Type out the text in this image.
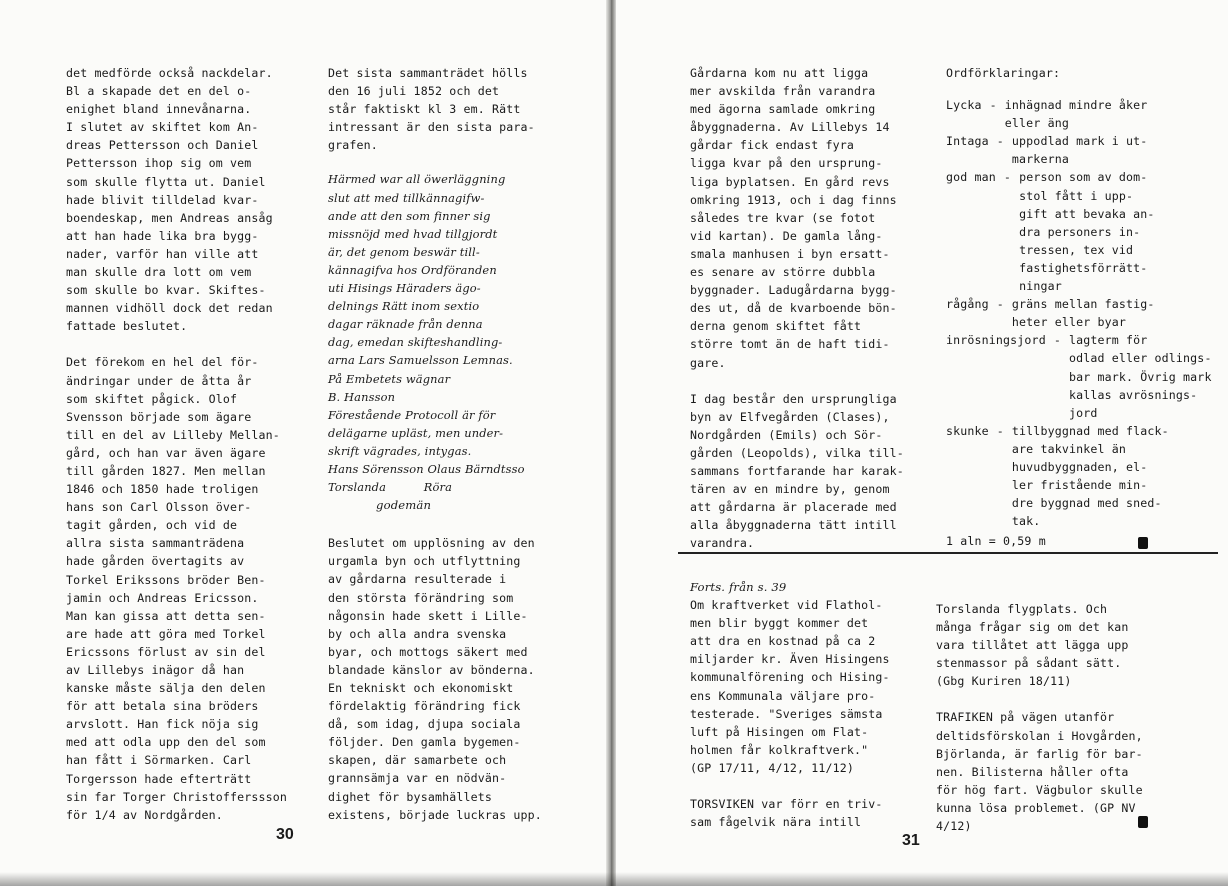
det medförde också nackdelar.
Bl a skapade det en del o-
enighet bland innevånarna.
I slutet av skiftet kom An-
dreas Pettersson och Daniel
Pettersson ihop sig om vem
som skulle flytta ut. Daniel
hade blivit tilldelad kvar-
boendeskap, men Andreas ansåg
att han hade lika bra bygg-
nader, varför han ville att
man skulle dra lott om vem
som skulle bo kvar. Skiftes-
mannen vidhöll dock det redan
fattade beslutet.
Det förekom en hel del för-
ändringar under de åtta år
som skiftet pågick. Olof
Svensson började som ägare
till en del av Lilleby Mellan-
gård, och han var även ägare
till gården 1827. Men mellan
1846 och 1850 hade troligen
hans son Carl Olsson över-
tagit gården, och vid de
allra sista sammanträdena
hade gården övertagits av
Torkel Erikssons bröder Ben-
jamin och Andreas Ericsson.
Man kan gissa att detta sen-
are hade att göra med Torkel
Ericssons förlust av sin del
av Lillebys inägor då han
kanske måste sälja den delen
för att betala sina bröders
arvslott. Han fick nöja sig
med att odla upp den del som
han fått i Sörmarken. Carl
Torgersson hade efterträtt
sin far Torger Christofferssson
för 1/4 av Nordgården.
Det sista sammanträdet hölls
den 16 juli 1852 och det
står faktiskt kl 3 em. Rätt
intressant är den sista para-
grafen.
Härmed war all öwerläggning
slut att med tillkännagifw-
ande att den som finner sig
missnöjd med hvad tillgjordt
är, det genom beswär till-
kännagifva hos Ordföranden
uti Hisings Häraders ägo-
delnings Rätt inom sextio
dagar räknade från denna
dag, emedan skifteshandling-
arna Lars Samuelsson Lemnas.
På Embetets wägnar
B. Hansson
Förestående Protocoll är för
delägarne upläst, men under-
skrift vägrades, intygas.
Hans Sörensson Olaus Bärndtsso
Torslanda          Röra
godemän
Beslutet om upplösning av den
urgamla byn och utflyttning
av gårdarna resulterade i
den största förändring som
någonsin hade skett i Lille-
by och alla andra svenska
byar, och mottogs säkert med
blandade känslor av bönderna.
En tekniskt och ekonomiskt
fördelaktig förändring fick
då, som idag, djupa sociala
följder. Den gamla bygemen-
skapen, där samarbete och
grannsämja var en nödvän-
dighet för bysamhällets
existens, började luckras upp.
30
Gårdarna kom nu att ligga
mer avskilda från varandra
med ägorna samlade omkring
åbyggnaderna. Av Lillebys 14
gårdar fick endast fyra
ligga kvar på den ursprung-
liga byplatsen. En gård revs
omkring 1913, och i dag finns
således tre kvar (se fotot
vid kartan). De gamla lång-
smala manhusen i byn ersatt-
es senare av större dubbla
byggnader. Ladugårdarna bygg-
des ut, då de kvarboende bön-
derna genom skiftet fått
större tomt än de haft tidi-
gare.
I dag består den ursprungliga
byn av Elfvegården (Clases),
Nordgården (Emils) och Sör-
gården (Leopolds), vilka till-
sammans fortfarande har karak-
tären av en mindre by, genom
att gårdarna är placerade med
alla åbyggnaderna tätt intill
varandra.
Ordförklaringar:
Lycka - inhägnad mindre åker
eller äng
Intaga - uppodlad mark i ut-
markerna
god man - person som av dom-
stol fått i upp-
gift att bevaka an-
dra personers in-
tressen, tex vid
fastighetsförrätt-
ningar
rågång - gräns mellan fastig-
heter eller byar
inrösningsjord - lagterm för
odlad eller odlings-
bar mark. Övrig mark
kallas avrösnings-
jord
skunke - tillbyggnad med flack-
are takvinkel än
huvudbyggnaden, el-
ler fristående min-
dre byggnad med sned-
tak.
1 aln = 0,59 m
Forts. från s. 39
Om kraftverket vid Flathol-
men blir byggt kommer det
att dra en kostnad på ca 2
miljarder kr. Även Hisingens
kommunalförening och Hising-
ens Kommunala väljare pro-
testerade. "Sveriges sämsta
luft på Hisingen om Flat-
holmen får kolkraftverk."
(GP 17/11, 4/12, 11/12)
TORSVIKEN var förr en triv-
sam fågelvik nära intill
Torslanda flygplats. Och
många frågar sig om det kan
vara tillåtet att lägga upp
stenmassor på sådant sätt.
(Gbg Kuriren 18/11)
TRAFIKEN på vägen utanför
deltidsförskolan i Hovgården,
Björlanda, är farlig för bar-
nen. Bilisterna håller ofta
för hög fart. Vägbulor skulle
kunna lösa problemet. (GP NV
4/12)
31
